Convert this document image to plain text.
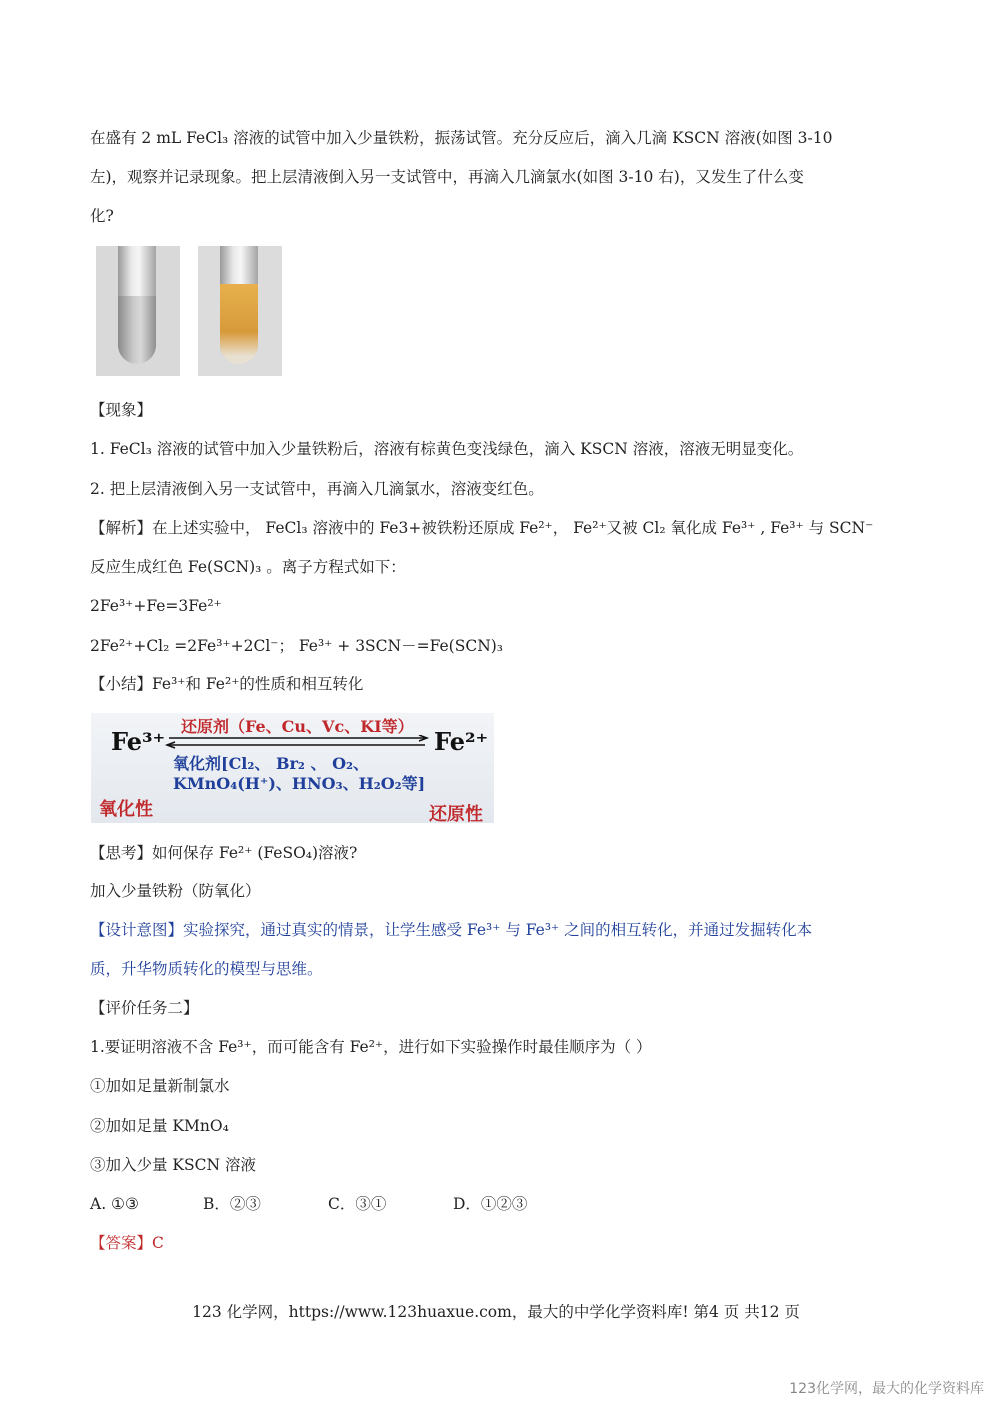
在盛有 2 mL FeCl₃ 溶液的试管中加入少量铁粉，振荡试管。充分反应后，滴入几滴 KSCN 溶液(如图 3-10
左)，观察并记录现象。把上层清液倒入另一支试管中，再滴入几滴氯水(如图 3-10 右)，又发生了什么变
化?
【现象】
1. FeCl₃ 溶液的试管中加入少量铁粉后，溶液有棕黄色变浅绿色，滴入 KSCN 溶液，溶液无明显变化。
2. 把上层清液倒入另一支试管中，再滴入几滴氯水，溶液变红色。
【解析】在上述实验中， FeCl₃ 溶液中的 Fe3+被铁粉还原成 Fe²⁺， Fe²⁺又被 Cl₂ 氧化成 Fe³⁺ , Fe³⁺ 与 SCN⁻
反应生成红色 Fe(SCN)₃ 。离子方程式如下：
2Fe³⁺+Fe=3Fe²⁺
2Fe²⁺+Cl₂ =2Fe³⁺+2Cl⁻； Fe³⁺ + 3SCN－=Fe(SCN)₃
【小结】Fe³⁺和 Fe²⁺的性质和相互转化
Fe³⁺	Fe²⁺
还原剂（Fe、Cu、Vc、KI等）
氧化剂[Cl₂、 Br₂ 、 O₂、
KMnO₄(H⁺)、HNO₃、H₂O₂等]
氧化性	还原性
【思考】如何保存 Fe²⁺ (FeSO₄)溶液?
加入少量铁粉（防氧化）
【设计意图】实验探究，通过真实的情景，让学生感受 Fe³⁺ 与 Fe³⁺ 之间的相互转化，并通过发掘转化本
质，升华物质转化的模型与思维。
【评价任务二】
1.要证明溶液不含 Fe³⁺，而可能含有 Fe²⁺，进行如下实验操作时最佳顺序为（ ）
①加如足量新制氯水
②加如足量 KMnO₄
③加入少量 KSCN 溶液
A. ①③	B．②③	C．③①	D．①②③
【答案】C
123 化学网，https://www.123huaxue.com，最大的中学化学资料库! 第4 页 共12 页
123化学网，最大的化学资料库
